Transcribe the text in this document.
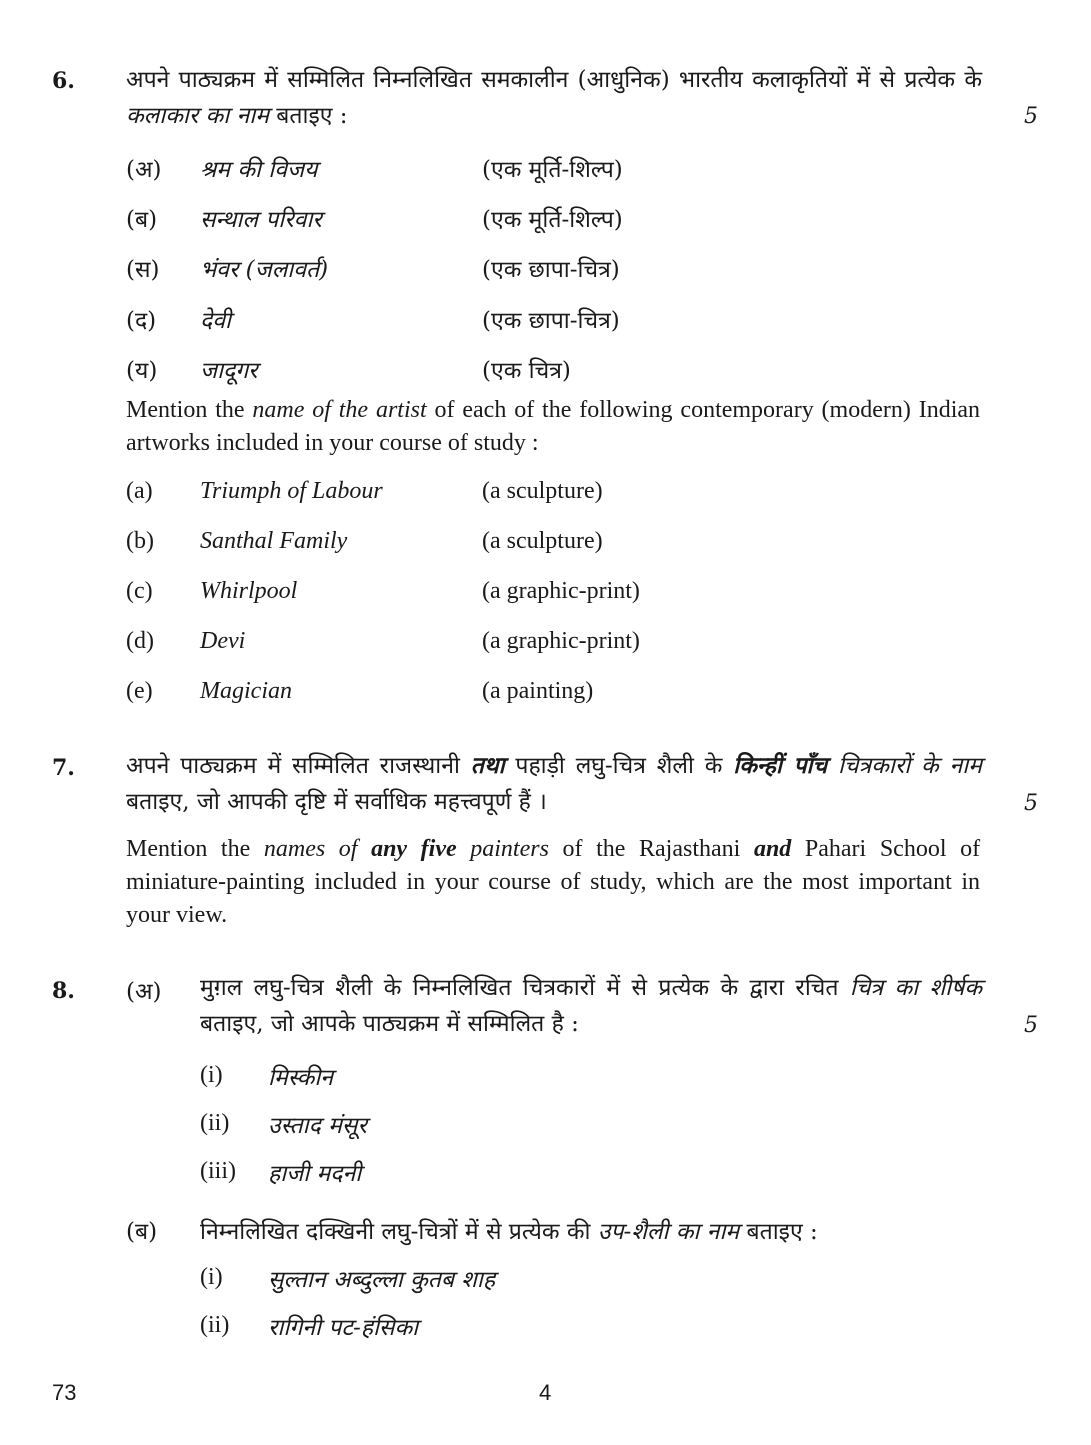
6. अपने पाठ्यक्रम में सम्मिलित निम्नलिखित समकालीन (आधुनिक) भारतीय कलाकृतियों में से प्रत्येक के कलाकार का नाम बताइए :	5
(अ) श्रम की विजय	(एक मूर्ति-शिल्प)
(ब) सन्थाल परिवार	(एक मूर्ति-शिल्प)
(स) भंवर (जलावर्त)	(एक छापा-चित्र)
(द) देवी	(एक छापा-चित्र)
(य) जादूगर	(एक चित्र)
Mention the name of the artist of each of the following contemporary (modern) Indian artworks included in your course of study :
(a) Triumph of Labour	(a sculpture)
(b) Santhal Family	(a sculpture)
(c) Whirlpool	(a graphic-print)
(d) Devi	(a graphic-print)
(e) Magician	(a painting)
7. अपने पाठ्यक्रम में सम्मिलित राजस्थानी तथा पहाड़ी लघु-चित्र शैली के किन्हीं पाँच चित्रकारों के नाम बताइए, जो आपकी दृष्टि में सर्वाधिक महत्त्वपूर्ण हैं ।	5
Mention the names of any five painters of the Rajasthani and Pahari School of miniature-painting included in your course of study, which are the most important in your view.
8. (अ) मुग़ल लघु-चित्र शैली के निम्नलिखित चित्रकारों में से प्रत्येक के द्वारा रचित चित्र का शीर्षक बताइए, जो आपके पाठ्यक्रम में सम्मिलित है :	5
(i) मिस्कीन
(ii) उस्ताद मंसूर
(iii) हाजी मदनी
(ब) निम्नलिखित दक्खिनी लघु-चित्रों में से प्रत्येक की उप-शैली का नाम बताइए :
(i) सुल्तान अब्दुल्ला कुतब शाह
(ii) रागिनी पट-हंसिका
73	4
